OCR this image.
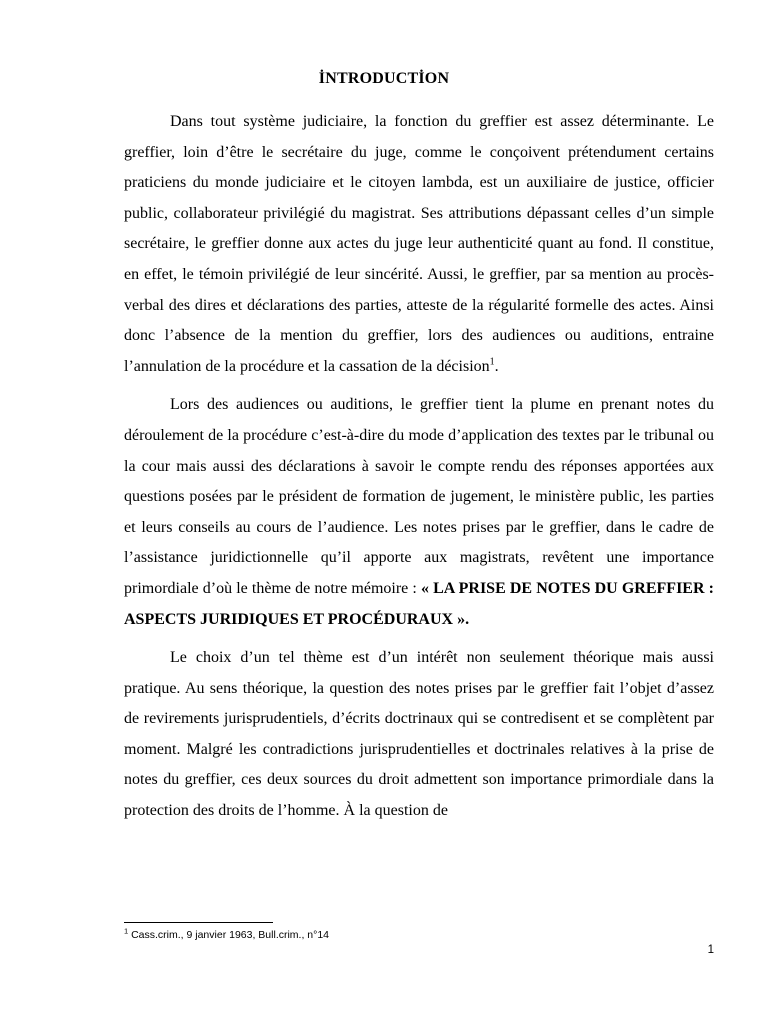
İNTRODUCTİON

Dans tout système judiciaire, la fonction du greffier est assez déterminante. Le greffier, loin d’être le secrétaire du juge, comme le conçoivent prétendument certains praticiens du monde judiciaire et le citoyen lambda, est un auxiliaire de justice, officier public, collaborateur privilégié du magistrat. Ses attributions dépassant celles d’un simple secrétaire, le greffier donne aux actes du juge leur authenticité quant au fond. Il constitue, en effet, le témoin privilégié de leur sincérité. Aussi, le greffier, par sa mention au procès-verbal des dires et déclarations des parties, atteste de la régularité formelle des actes. Ainsi donc l’absence de la mention du greffier, lors des audiences ou auditions, entraine l’annulation de la procédure et la cassation de la décision$^1$.

Lors des audiences ou auditions, le greffier tient la plume en prenant notes du déroulement de la procédure c’est-à-dire du mode d’application des textes par le tribunal ou la cour mais aussi des déclarations à savoir le compte rendu des réponses apportées aux questions posées par le président de formation de jugement, le ministère public, les parties et leurs conseils au cours de l’audience. Les notes prises par le greffier, dans le cadre de l’assistance juridictionnelle qu’il apporte aux magistrats, revêtent une importance primordiale d’où le thème de notre mémoire : « LA PRISE DE NOTES DU GREFFIER : ASPECTS JURIDIQUES ET PROCÉDURAUX ».

Le choix d’un tel thème est d’un intérêt non seulement théorique mais aussi pratique. Au sens théorique, la question des notes prises par le greffier fait l’objet d’assez de revirements jurisprudentiels, d’écrits doctrinaux qui se contredisent et se complètent par moment. Malgré les contradictions jurisprudentielles et doctrinales relatives à la prise de notes du greffier, ces deux sources du droit admettent son importance primordiale dans la protection des droits de l’homme. À la question de

$^1$ Cass.crim., 9 janvier 1963, Bull.crim., n°14
1
